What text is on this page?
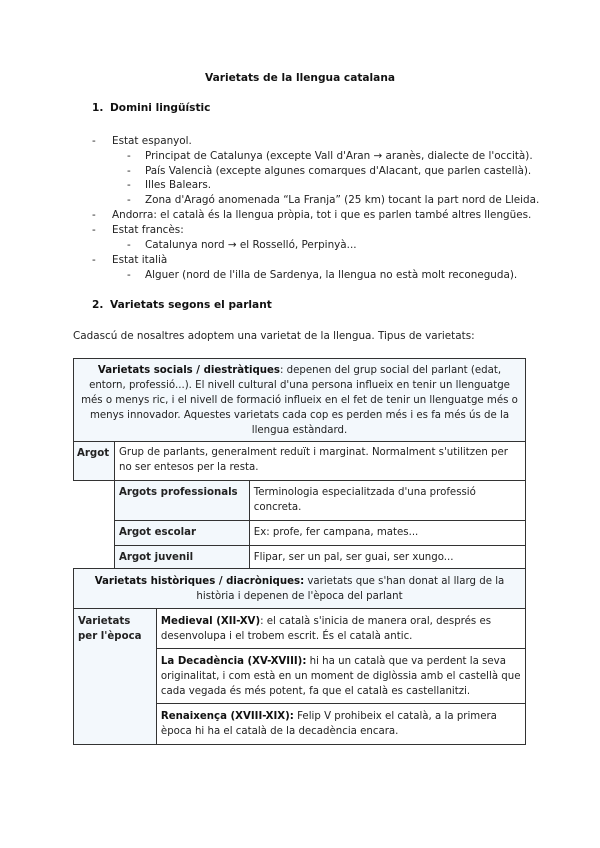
Varietats de la llengua catalana
1. Domini lingüístic
- Estat espanyol.
- Principat de Catalunya (excepte Vall d'Aran → aranès, dialecte de l'occità).
- País Valencià (excepte algunes comarques d'Alacant, que parlen castellà).
- Illes Balears.
- Zona d'Aragó anomenada “La Franja” (25 km) tocant la part nord de Lleida.
- Andorra: el català és la llengua pròpia, tot i que es parlen també altres llengües.
- Estat francès:
- Catalunya nord → el Rosselló, Perpinyà...
- Estat italià
- Alguer (nord de l'illa de Sardenya, la llengua no està molt reconeguda).
2. Varietats segons el parlant
Cadascú de nosaltres adoptem una varietat de la llengua. Tipus de varietats:
Varietats socials / diestràtiques: depenen del grup social del parlant (edat, entorn, professió...). El nivell cultural d'una persona influeix en tenir un llenguatge més o menys ric, i el nivell de formació influeix en el fet de tenir un llenguatge més o menys innovador. Aquestes varietats cada cop es perden més i es fa més ús de la llengua estàndard.		
Argot	Grup de parlants, generalment reduït i marginat. Normalment s'utilitzen per no ser entesos per la resta.	
	Argots professionals	Terminologia especialitzada d'una professió concreta.
	Argot escolar	Ex: profe, fer campana, mates...
	Argot juvenil	Flipar, ser un pal, ser guai, ser xungo...
Varietats històriques / diacròniques: varietats que s'han donat al llarg de la història i depenen de l'època del parlant
Varietats per l'època	Medieval (XII-XV): el català s'inicia de manera oral, després es desenvolupa i el trobem escrit. És el català antic.
La Decadència (XV-XVIII): hi ha un català que va perdent la seva originalitat, i com està en un moment de diglòssia amb el castellà que cada vegada és més potent, fa que el català es castellanitzi.
Renaixença (XVIII-XIX): Felip V prohibeix el català, a la primera època hi ha el català de la decadència encara.
